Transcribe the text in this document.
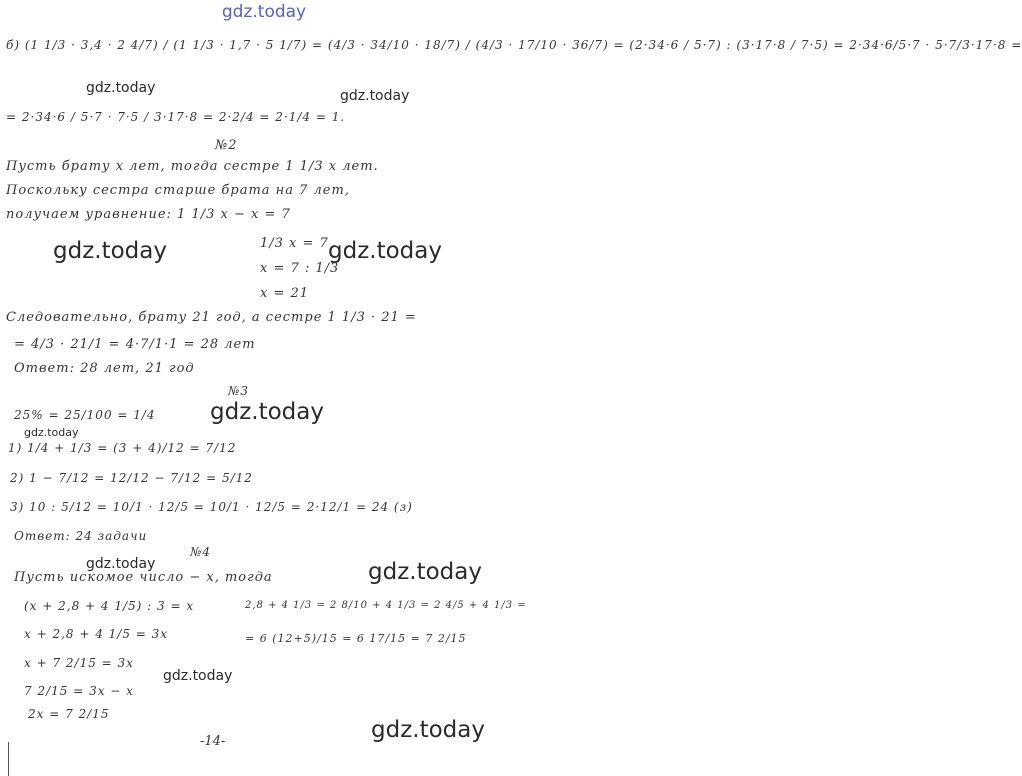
gdz.today
б) (1 1/3 · 3,4 · 2 4/7) / (1 1/3 · 1,7 · 5 1/7) = (4/3 · 34/10 · 18/7) / (4/3 · 17/10 · 36/7) = (2·34·6 / 5·7) : (3·17·8 / 7·5) = 2·34·6/5·7 · 5·7/3·17·8 =
= 2·34·6 / 5·7 · 7·5 / 3·17·8 = 2·2/4 = 2·1/4 = 1.
№2
Пусть брату x лет, тогда сестре 1 1/3 x лет.
Поскольку сестра старше брата на 7 лет,
получаем уравнение: 1 1/3 x − x = 7
1/3 x = 7
x = 7 : 1/3
x = 21
Следовательно, брату 21 год, а сестре 1 1/3 · 21 =
= 4/3 · 21/1 = 4·7/1·1 = 28 лет
Ответ: 28 лет, 21 год
№3
25% = 25/100 = 1/4
1) 1/4 + 1/3 = (3 + 4)/12 = 7/12
2) 1 − 7/12 = 12/12 − 7/12 = 5/12
3) 10 : 5/12 = 10/1 · 12/5 = 10/1 · 12/5 = 2·12/1 = 24 (з)
Ответ: 24 задачи
№4
Пусть искомое число − x, тогда
(x + 2,8 + 4 1/5) : 3 = x	2,8 + 4 1/3 = 2 8/10 + 4 1/3 = 2 4/5 + 4 1/3 =
x + 2,8 + 4 1/5 = 3x	= 6 (12+5)/15 = 6 17/15 = 7 2/15
x + 7 2/15 = 3x
7 2/15 = 3x − x
2x = 7 2/15
-14-
gdz.today	gdz.today
gdz.today	gdz.today
gdz.today
gdz.today
gdz.today	gdz.today
gdz.today
gdz.today
